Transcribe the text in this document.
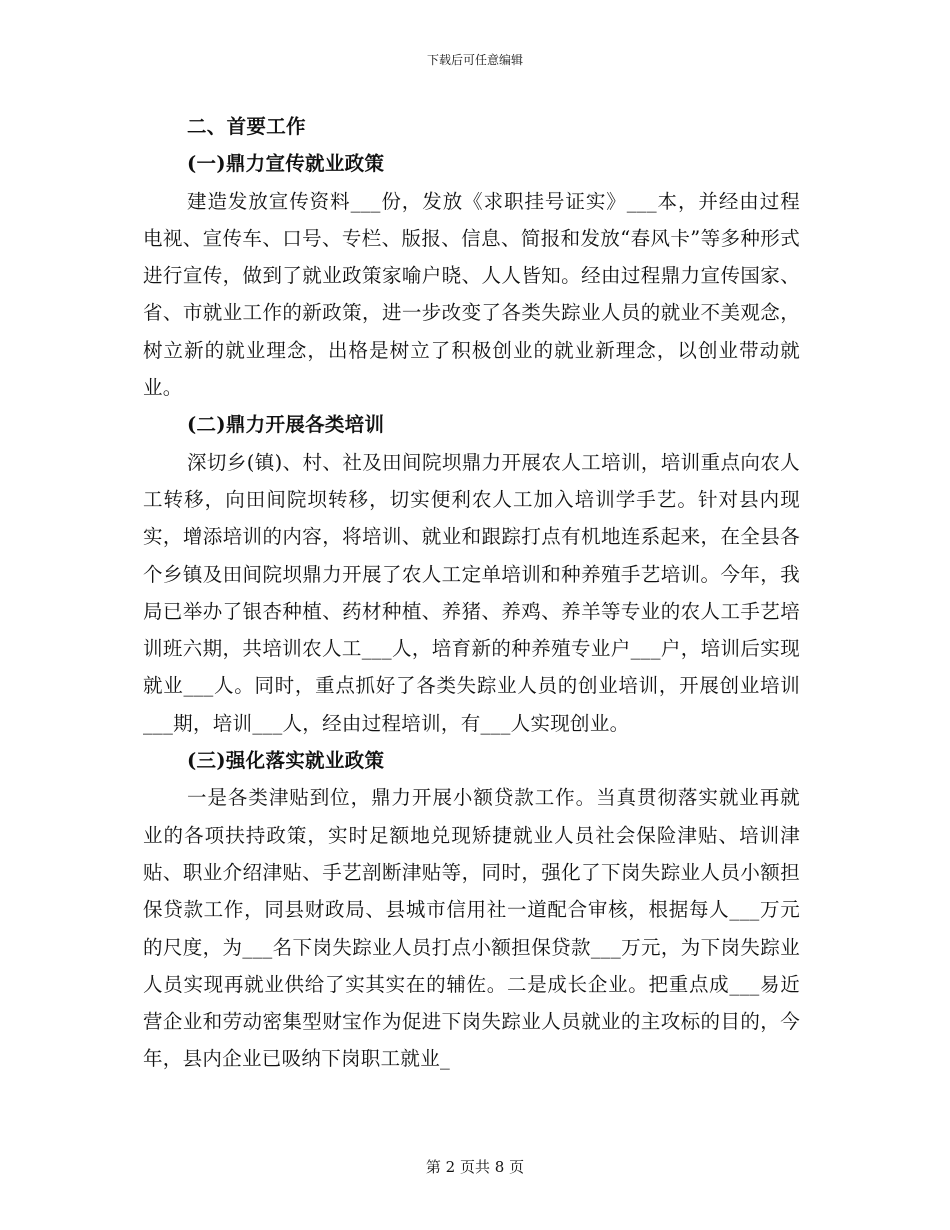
下载后可任意编辑

二、首要工作

(一)鼎力宣传就业政策

建造发放宣传资料___份，发放《求职挂号证实》___本，并经由过程电视、宣传车、口号、专栏、版报、信息、简报和发放“春风卡”等多种形式进行宣传，做到了就业政策家喻户晓、人人皆知。经由过程鼎力宣传国家、省、市就业工作的新政策，进一步改变了各类失踪业人员的就业不美观念，树立新的就业理念，出格是树立了积极创业的就业新理念，以创业带动就业。

(二)鼎力开展各类培训

深切乡(镇)、村、社及田间院坝鼎力开展农人工培训，培训重点向农人工转移，向田间院坝转移，切实便利农人工加入培训学手艺。针对县内现实，增添培训的内容，将培训、就业和跟踪打点有机地连系起来，在全县各个乡镇及田间院坝鼎力开展了农人工定单培训和种养殖手艺培训。今年，我局已举办了银杏种植、药材种植、养猪、养鸡、养羊等专业的农人工手艺培训班六期，共培训农人工___人，培育新的种养殖专业户___户，培训后实现就业___人。同时，重点抓好了各类失踪业人员的创业培训，开展创业培训___期，培训___人，经由过程培训，有___人实现创业。

(三)强化落实就业政策

一是各类津贴到位，鼎力开展小额贷款工作。当真贯彻落实就业再就业的各项扶持政策，实时足额地兑现矫捷就业人员社会保险津贴、培训津贴、职业介绍津贴、手艺剖断津贴等，同时，强化了下岗失踪业人员小额担保贷款工作，同县财政局、县城市信用社一道配合审核，根据每人___万元的尺度，为___名下岗失踪业人员打点小额担保贷款___万元，为下岗失踪业人员实现再就业供给了实其实在的辅佐。二是成长企业。把重点成___易近营企业和劳动密集型财宝作为促进下岗失踪业人员就业的主攻标的目的，今年，县内企业已吸纳下岗职工就业_

第 2 页共 8 页
